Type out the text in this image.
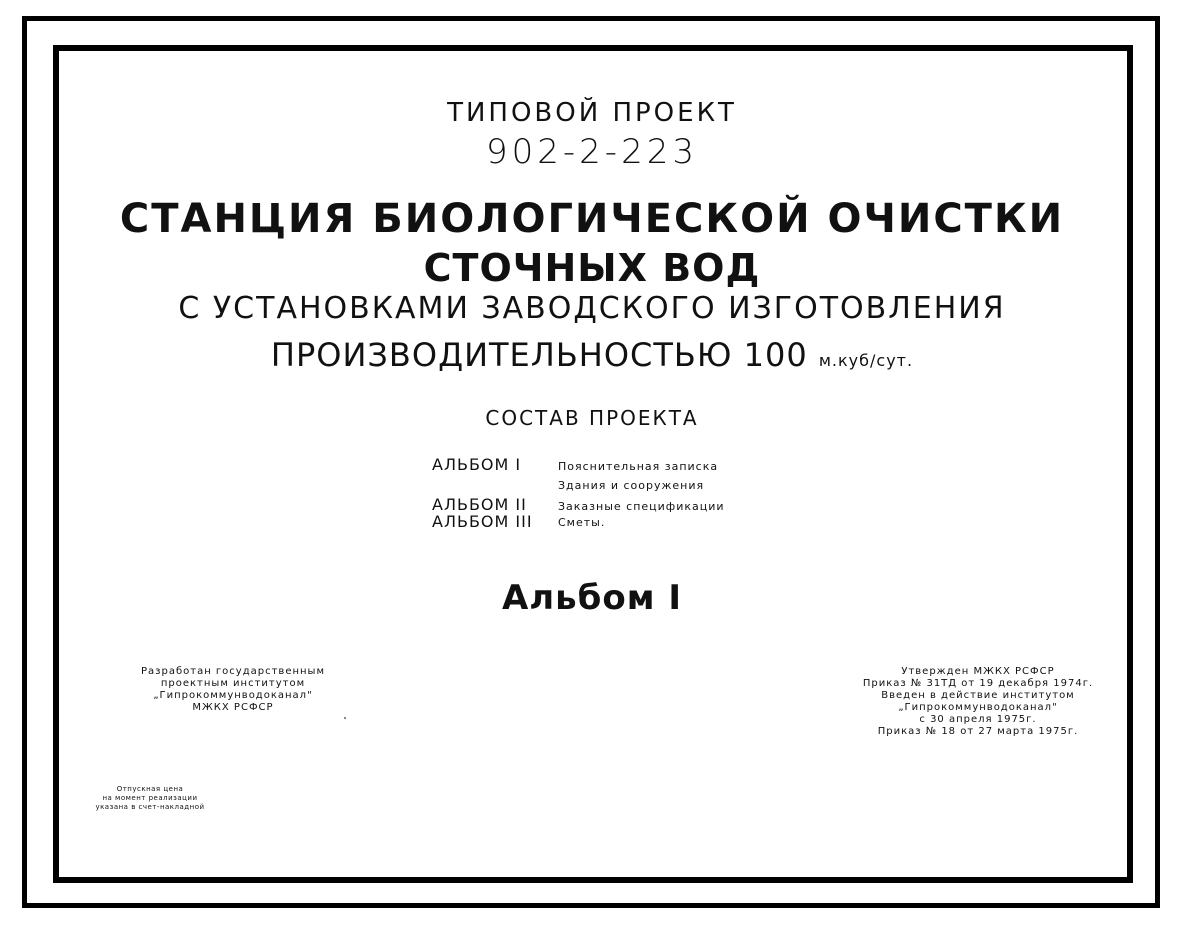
ТИПОВОЙ ПРОЕКТ
902-2-223
СТАНЦИЯ БИОЛОГИЧЕСКОЙ ОЧИСТКИ
СТОЧНЫХ ВОД
С УСТАНОВКАМИ ЗАВОДСКОГО ИЗГОТОВЛЕНИЯ
ПРОИЗВОДИТЕЛЬНОСТЬЮ 100 м.куб/сут.
СОСТАВ ПРОЕКТА
АЛЬБОМ I	Пояснительная записка
Здания и сооружения
АЛЬБОМ II	Заказные спецификации
АЛЬБОМ III Сметы.
Альбом I
Разработан государственным
проектным институтом
„Гипрокоммунводоканал"
МЖКХ РСФСР
Утвержден МЖКХ РСФСР
Приказ № 31ТД от 19 декабря 1974г.
Введен в действие институтом
„Гипрокоммунводоканал"
с 30 апреля 1975г.
Приказ № 18 от 27 марта 1975г.
Отпускная цена
на момент реализации
указана в счет-накладной
